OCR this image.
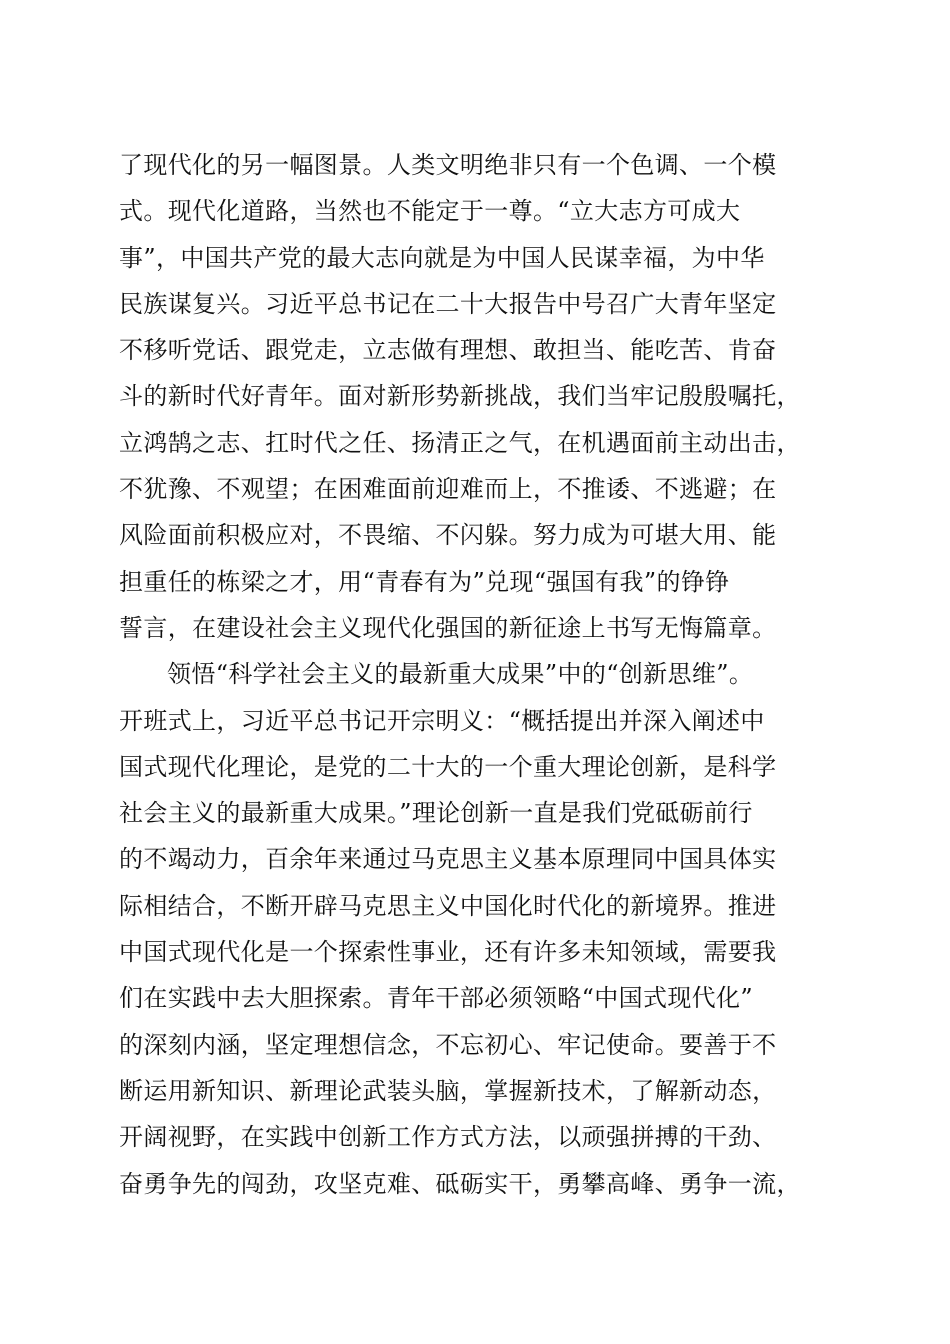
了现代化的另一幅图景。人类文明绝非只有一个色调、一个模
式。现代化道路，当然也不能定于一尊。“立大志方可成大
事”，中国共产党的最大志向就是为中国人民谋幸福，为中华
民族谋复兴。习近平总书记在二十大报告中号召广大青年坚定
不移听党话、跟党走，立志做有理想、敢担当、能吃苦、肯奋
斗的新时代好青年。面对新形势新挑战，我们当牢记殷殷嘱托，
立鸿鹄之志、扛时代之任、扬清正之气，在机遇面前主动出击，
不犹豫、不观望；在困难面前迎难而上，不推诿、不逃避；在
风险面前积极应对，不畏缩、不闪躲。努力成为可堪大用、能
担重任的栋梁之才，用“青春有为”兑现“强国有我”的铮铮
誓言，在建设社会主义现代化强国的新征途上书写无悔篇章。
领悟“科学社会主义的最新重大成果”中的“创新思维”。
开班式上，习近平总书记开宗明义：“概括提出并深入阐述中
国式现代化理论，是党的二十大的一个重大理论创新，是科学
社会主义的最新重大成果。”理论创新一直是我们党砥砺前行
的不竭动力，百余年来通过马克思主义基本原理同中国具体实
际相结合，不断开辟马克思主义中国化时代化的新境界。推进
中国式现代化是一个探索性事业，还有许多未知领域，需要我
们在实践中去大胆探索。青年干部必须领略“中国式现代化”
的深刻内涵，坚定理想信念，不忘初心、牢记使命。要善于不
断运用新知识、新理论武装头脑，掌握新技术，了解新动态，
开阔视野，在实践中创新工作方式方法，以顽强拼搏的干劲、
奋勇争先的闯劲，攻坚克难、砥砺实干，勇攀高峰、勇争一流，
